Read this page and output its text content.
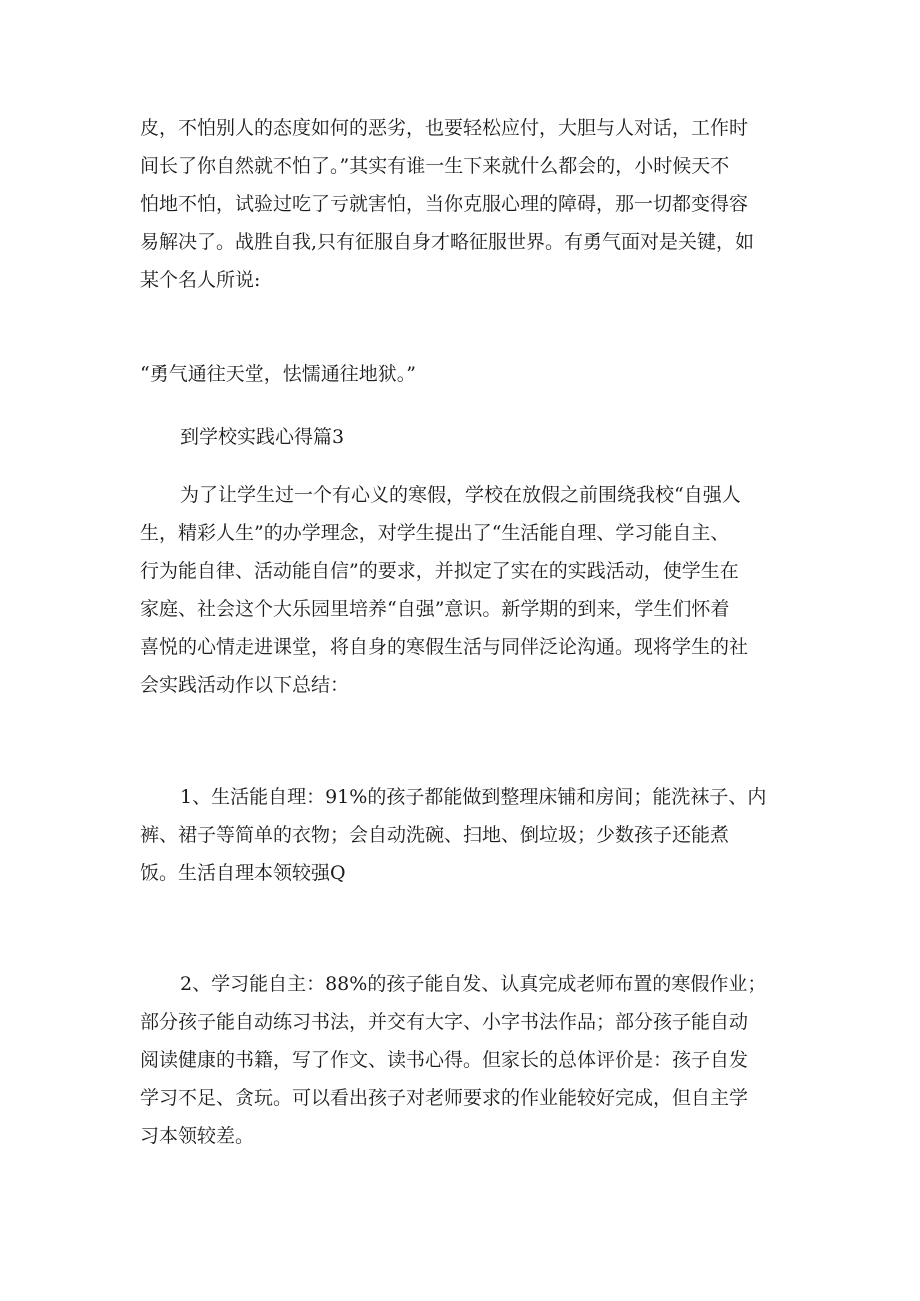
皮，不怕别人的态度如何的恶劣，也要轻松应付，大胆与人对话，工作时
间长了你自然就不怕了。”其实有谁一生下来就什么都会的，小时候天不
怕地不怕，试验过吃了亏就害怕，当你克服心理的障碍，那一切都变得容
易解决了。战胜自我,只有征服自身才略征服世界。有勇气面对是关键，如
某个名人所说:
“勇气通往天堂，怯懦通往地狱。”
到学校实践心得篇3
为了让学生过一个有心义的寒假，学校在放假之前围绕我校“自强人
生，精彩人生”的办学理念，对学生提出了“生活能自理、学习能自主、
行为能自律、活动能自信”的要求，并拟定了实在的实践活动，使学生在
家庭、社会这个大乐园里培养“自强”意识。新学期的到来，学生们怀着
喜悦的心情走进课堂，将自身的寒假生活与同伴泛论沟通。现将学生的社
会实践活动作以下总结：
1、生活能自理：91%的孩子都能做到整理床铺和房间；能洗袜子、内
裤、裙子等简单的衣物；会自动洗碗、扫地、倒垃圾；少数孩子还能煮
饭。生活自理本领较强Q
2、学习能自主：88%的孩子能自发、认真完成老师布置的寒假作业；
部分孩子能自动练习书法，并交有大字、小字书法作品；部分孩子能自动
阅读健康的书籍，写了作文、读书心得。但家长的总体评价是：孩子自发
学习不足、贪玩。可以看出孩子对老师要求的作业能较好完成，但自主学
习本领较差。
